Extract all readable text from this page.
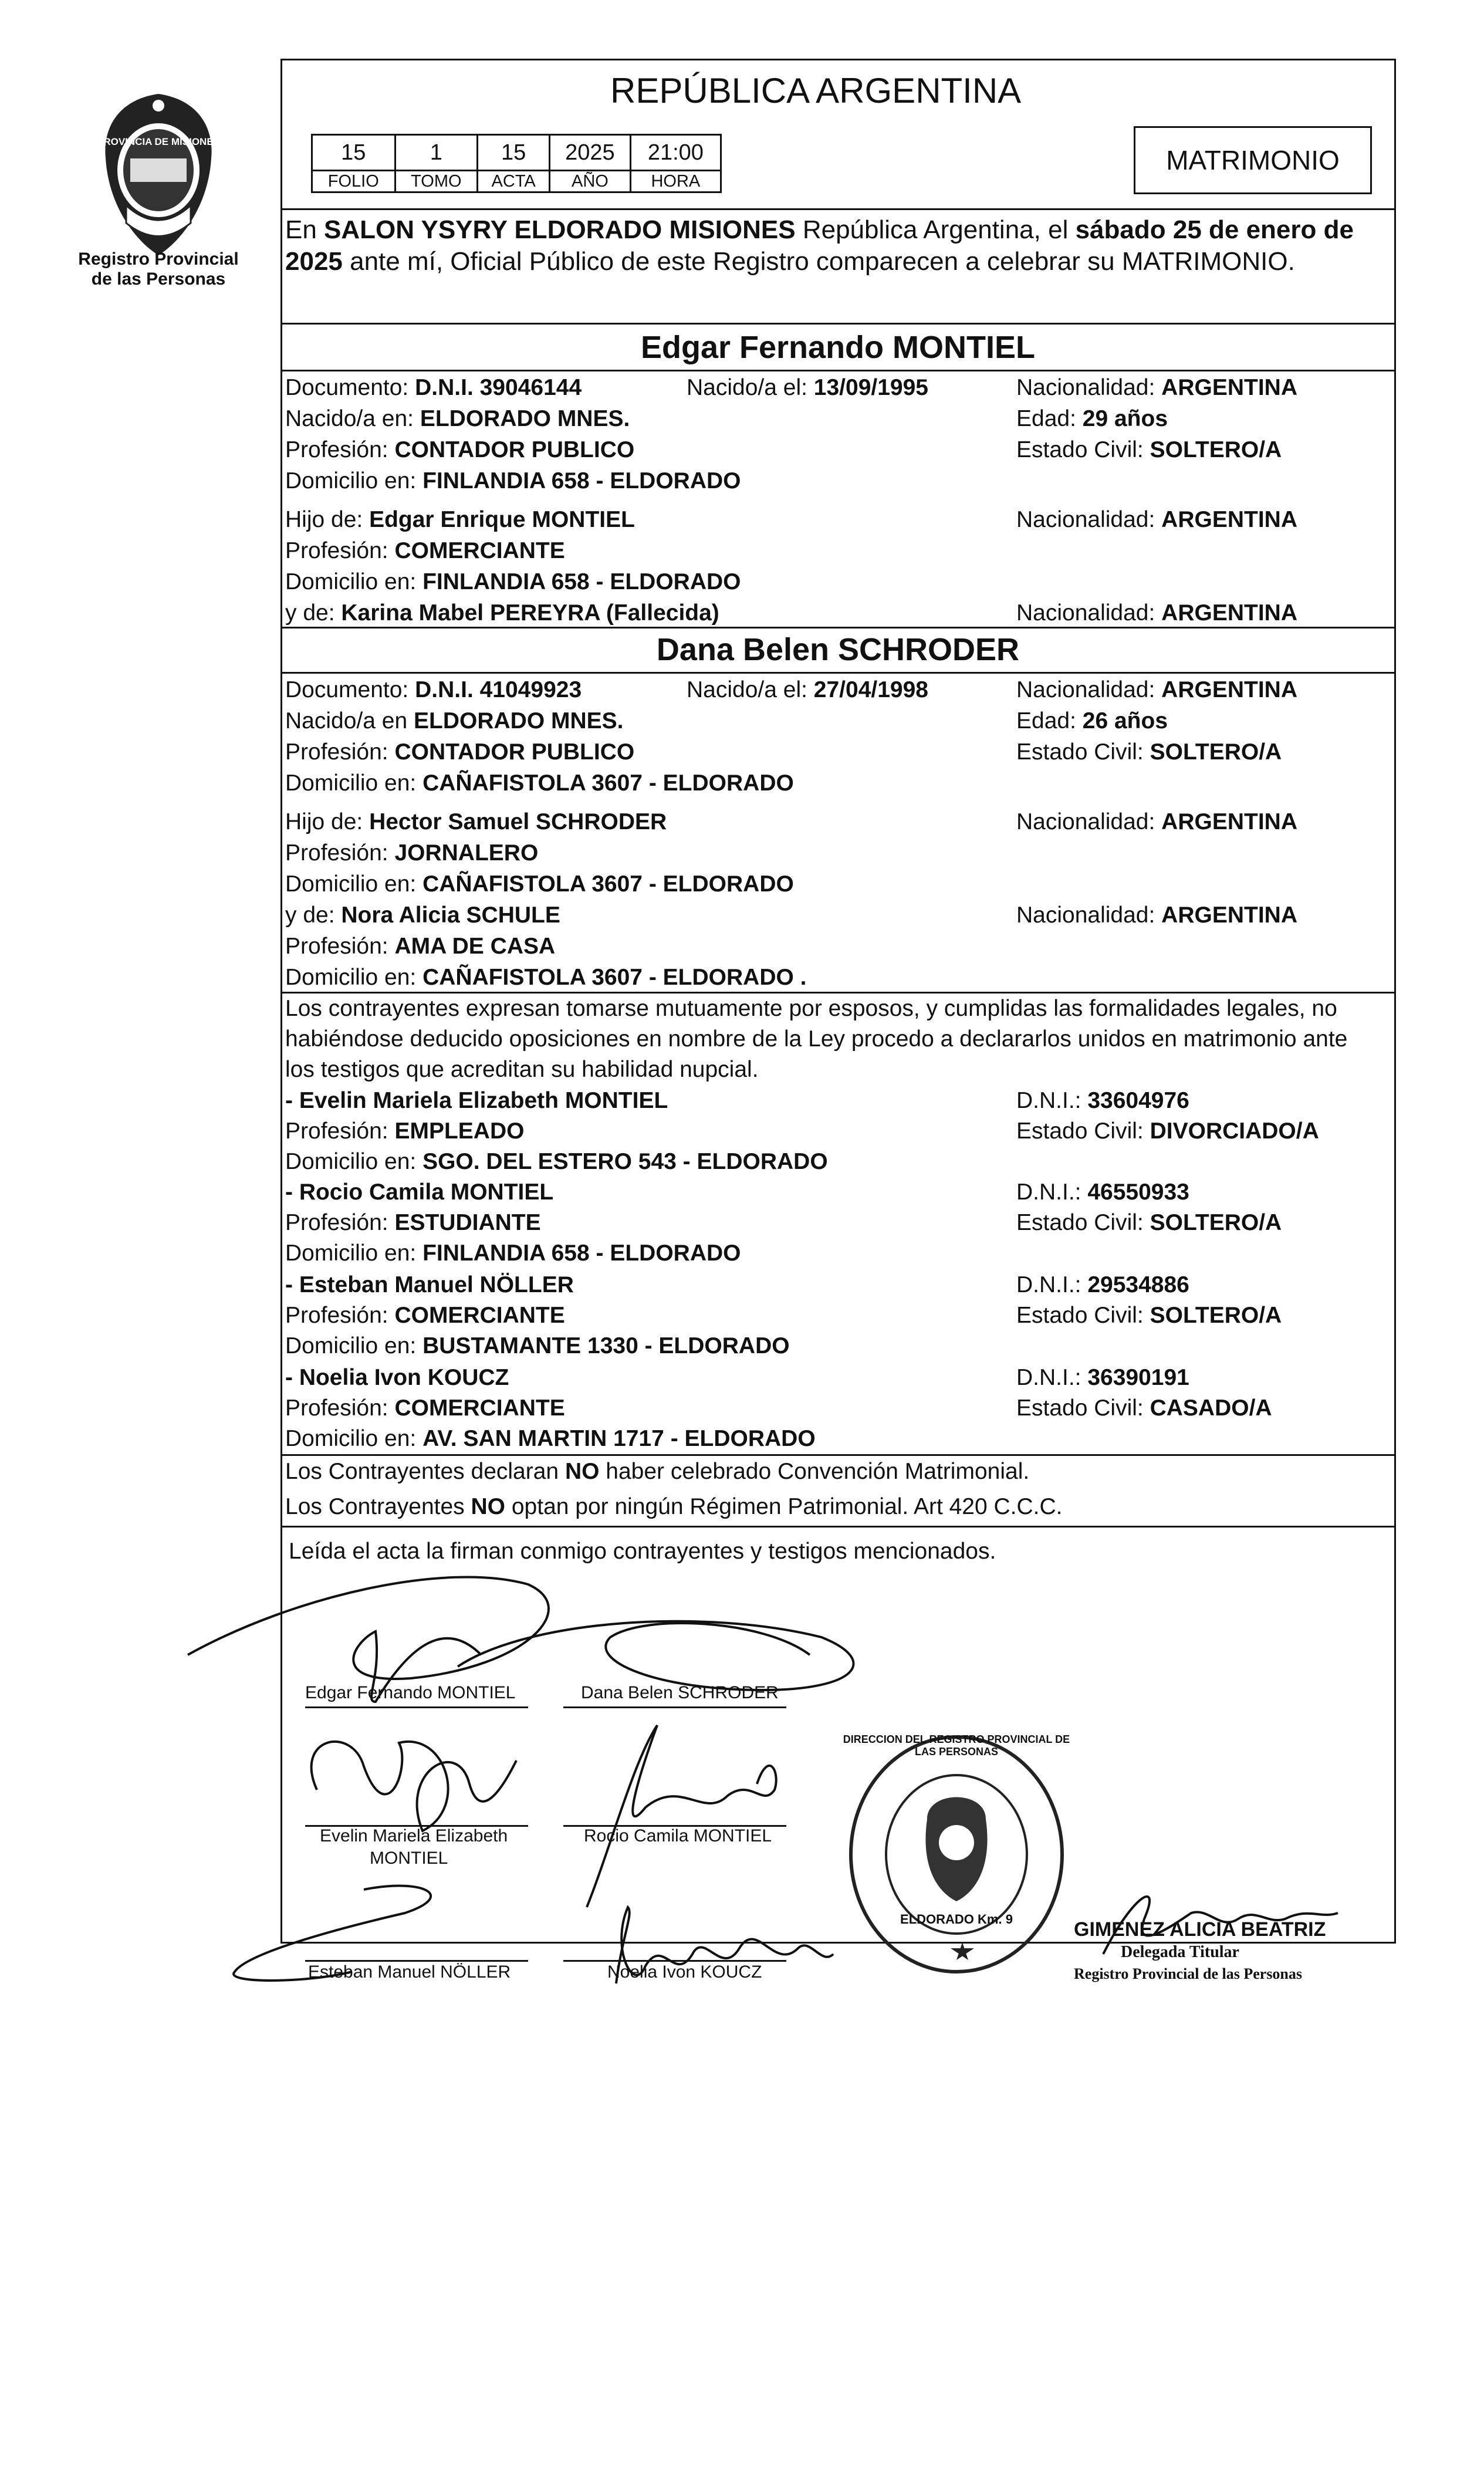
PROVINCIA DE MISIONES
Registro Provincial
de las Personas
REPÚBLICA ARGENTINA
MATRIMONIO
15	1	15	2025	21:00
FOLIO	TOMO	ACTA	AÑO	HORA
En SALON YSYRY ELDORADO MISIONES República Argentina, el sábado 25 de enero de
2025 ante mí, Oficial Público de este Registro comparecen a celebrar su MATRIMONIO.
Edgar Fernando MONTIEL
Documento: D.N.I. 39046144	Nacido/a el: 13/09/1995	Nacionalidad: ARGENTINA
Nacido/a en: ELDORADO MNES.	Edad: 29 años
Profesión: CONTADOR PUBLICO	Estado Civil: SOLTERO/A
Domicilio en: FINLANDIA 658 - ELDORADO
Hijo de: Edgar Enrique MONTIEL	Nacionalidad: ARGENTINA
Profesión: COMERCIANTE
Domicilio en: FINLANDIA 658 - ELDORADO
y de: Karina Mabel PEREYRA (Fallecida)	Nacionalidad: ARGENTINA
Dana Belen SCHRODER
Documento: D.N.I. 41049923	Nacido/a el: 27/04/1998	Nacionalidad: ARGENTINA
Nacido/a en ELDORADO MNES.	Edad: 26 años
Profesión: CONTADOR PUBLICO	Estado Civil: SOLTERO/A
Domicilio en: CAÑAFISTOLA 3607 - ELDORADO
Hijo de: Hector Samuel SCHRODER	Nacionalidad: ARGENTINA
Profesión: JORNALERO
Domicilio en: CAÑAFISTOLA 3607 - ELDORADO
y de: Nora Alicia SCHULE	Nacionalidad: ARGENTINA
Profesión: AMA DE CASA
Domicilio en: CAÑAFISTOLA 3607 - ELDORADO .
Los contrayentes expresan tomarse mutuamente por esposos, y cumplidas las formalidades legales, no
habiéndose deducido oposiciones en nombre de la Ley procedo a declararlos unidos en matrimonio ante
los testigos que acreditan su habilidad nupcial.
- Evelin Mariela Elizabeth MONTIEL	D.N.I.: 33604976
Profesión: EMPLEADO	Estado Civil: DIVORCIADO/A
Domicilio en: SGO. DEL ESTERO 543 - ELDORADO
- Rocio Camila MONTIEL	D.N.I.: 46550933
Profesión: ESTUDIANTE	Estado Civil: SOLTERO/A
Domicilio en: FINLANDIA 658 - ELDORADO
- Esteban Manuel NÖLLER	D.N.I.: 29534886
Profesión: COMERCIANTE	Estado Civil: SOLTERO/A
Domicilio en: BUSTAMANTE 1330 - ELDORADO
- Noelia Ivon KOUCZ	D.N.I.: 36390191
Profesión: COMERCIANTE	Estado Civil: CASADO/A
Domicilio en: AV. SAN MARTIN 1717 - ELDORADO
Los Contrayentes declaran NO haber celebrado Convención Matrimonial.
Los Contrayentes NO optan por ningún Régimen Patrimonial. Art 420 C.C.C.
Leída el acta la firman conmigo contrayentes y testigos mencionados.
Edgar Fernando MONTIEL	Dana Belen SCHRODER
Evelin Mariela Elizabeth
MONTIEL
Rocio Camila MONTIEL
Esteban Manuel NÖLLER	Noelia Ivon KOUCZ
DIRECCION DEL REGISTRO PROVINCIAL DE LAS PERSONAS
ELDORADO Km. 9	GIMENEZ ALICIA BEATRIZ
Delegada Titular
Registro Provincial de las Personas
